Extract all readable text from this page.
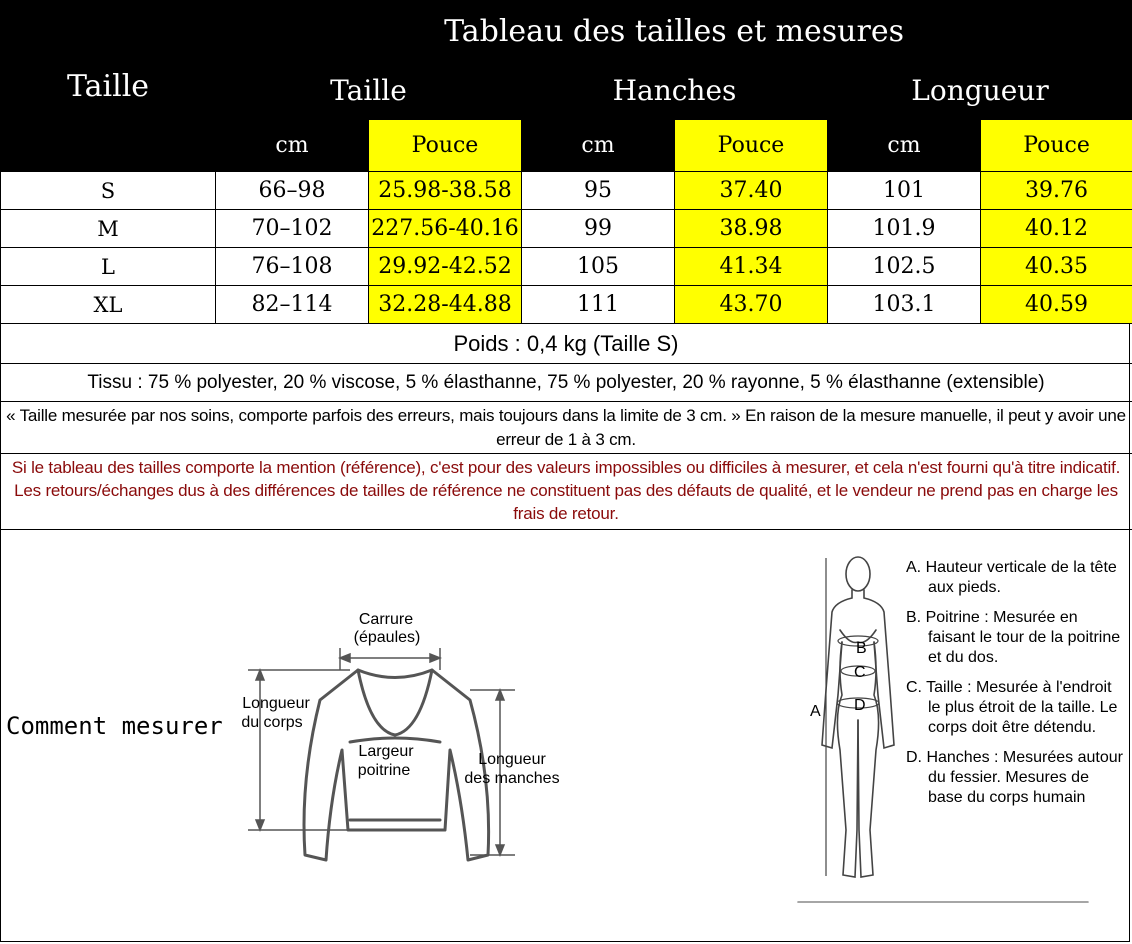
Taille	Tableau des tailles et mesures					
	Taille		Hanches		Longueur	
	cm	Pouce	cm	Pouce	cm	Pouce
S	66–98	25.98-38.58	95	37.40	101	39.76
M	70–102	227.56-40.16	99	38.98	101.9	40.12
L	76–108	29.92-42.52	105	41.34	102.5	40.35
XL	82–114	32.28-44.88	111	43.70	103.1	40.59
Poids : 0,4 kg (Taille S)
Tissu : 75 % polyester, 20 % viscose, 5 % élasthanne, 75 % polyester, 20 % rayonne, 5 % élasthanne (extensible)
« Taille mesurée par nos soins, comporte parfois des erreurs, mais toujours dans la limite de 3 cm. » En raison de la mesure manuelle, il peut y avoir une erreur de 1 à 3 cm.
Si le tableau des tailles comporte la mention (référence), c'est pour des valeurs impossibles ou difficiles à mesurer, et cela n'est fourni qu'à titre indicatif. Les retours/échanges dus à des différences de tailles de référence ne constituent pas des défauts de qualité, et le vendeur ne prend pas en charge les frais de retour.
Comment mesurer
Carrure
(épaules)
Longueur
du corps
Largeur
poitrine
Longueur
des manches
B
C
D
A
A. Hauteur verticale de la tête aux pieds.
B. Poitrine : Mesurée en faisant le tour de la poitrine et du dos.
C. Taille : Mesurée à l'endroit le plus étroit de la taille. Le corps doit être détendu.
D. Hanches : Mesurées autour du fessier. Mesures de base du corps humain
